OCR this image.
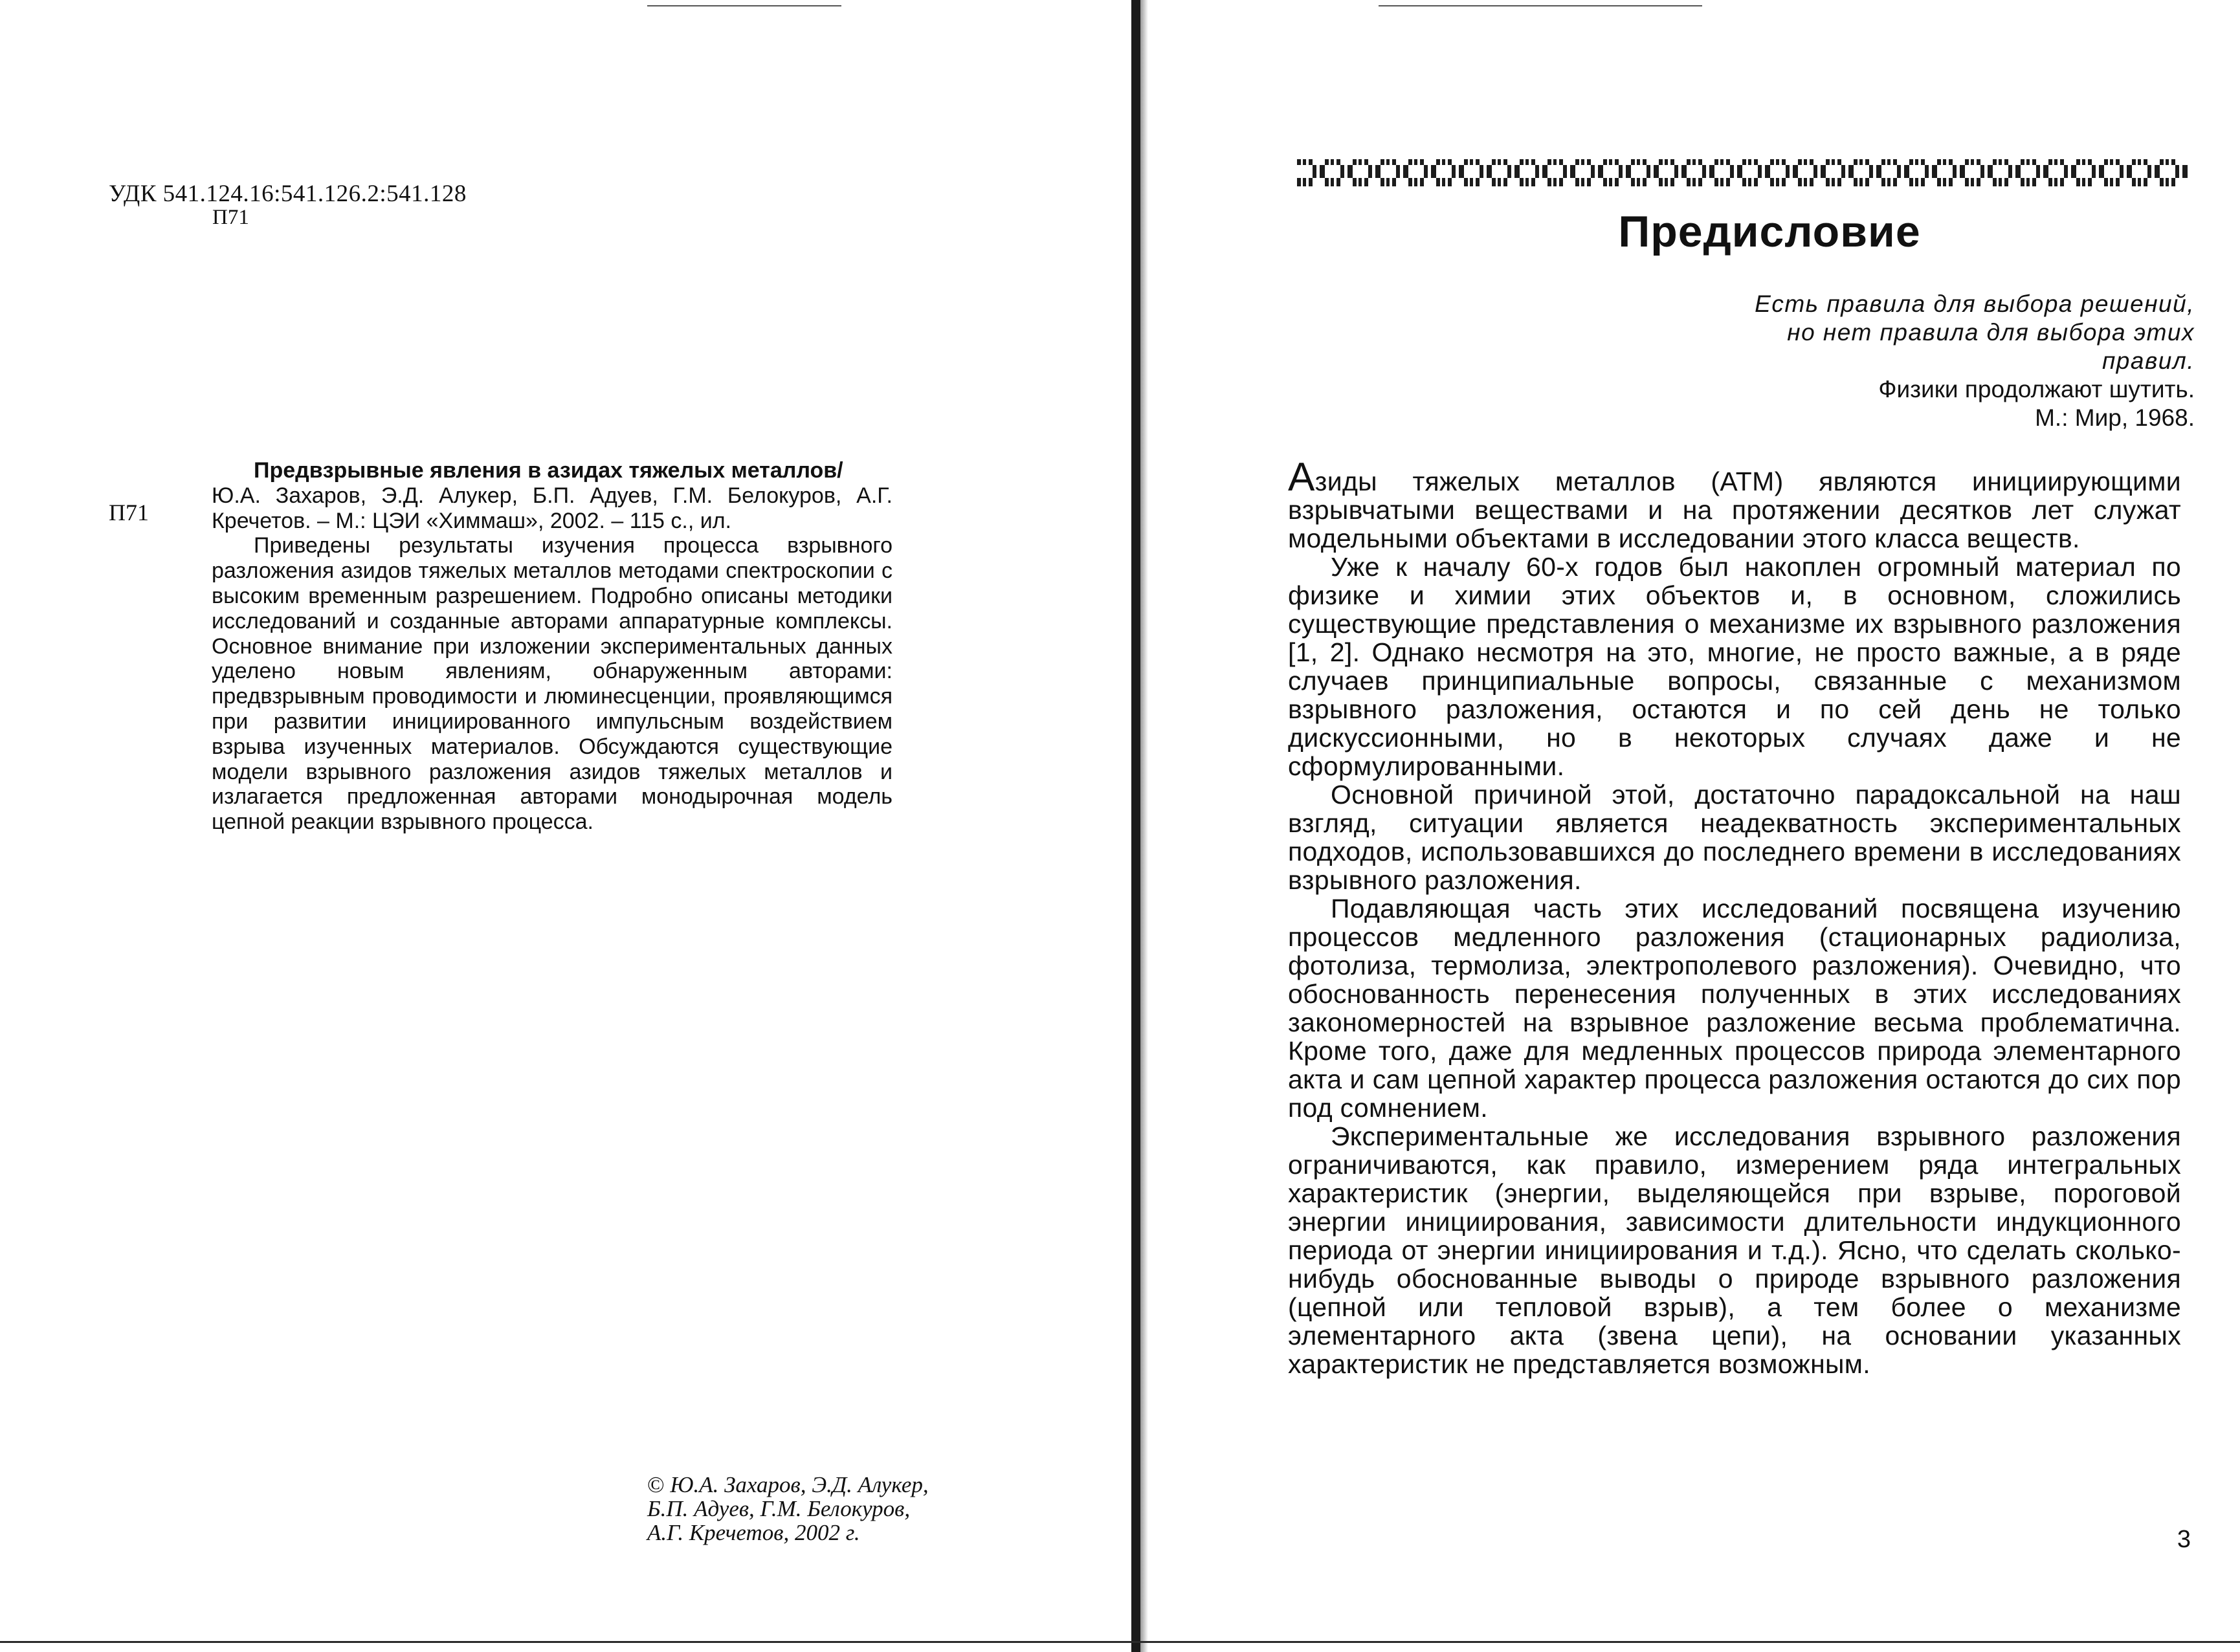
УДК 541.124.16:541.126.2:541.128
П71
П71
Предвзрывные явления в азидах тяжелых металлов/
Ю.А. Захаров, Э.Д. Алукер, Б.П. Адуев, Г.М. Белокуров, А.Г. Кречетов. – М.: ЦЭИ «Химмаш», 2002. – 115 с., ил.
Приведены результаты изучения процесса взрывного разложения азидов тяжелых металлов методами спектроскопии с высоким временным разрешением. Подробно описаны методики исследований и созданные авторами аппаратурные комплексы. Основное внимание при изложении экспериментальных данных уделено новым явлениям, обнаруженным авторами: предвзрывным проводимости и люминесценции, проявляющимся при развитии инициированного импульсным воздействием взрыва изученных материалов. Обсуждаются существующие модели взрывного разложения азидов тяжелых металлов и излагается предложенная авторами монодырочная модель цепной реакции взрывного процесса.
© Ю.А. Захаров, Э.Д. Алукер,
Б.П. Адуев, Г.М. Белокуров,
А.Г. Кречетов, 2002 г.
Предисловие
Есть правила для выбора решений, но нет правила для выбора этих правил.
Физики продолжают шутить.
М.: Мир, 1968.

Азиды тяжелых металлов (АТМ) являются инициирующими взрывчатыми веществами и на протяжении десятков лет служат модельными объектами в исследовании этого класса веществ.

Уже к началу 60-х годов был накоплен огромный материал по физике и химии этих объектов и, в основном, сложились существующие представления о механизме их взрывного разложения [1, 2]. Однако несмотря на это, многие, не просто важные, а в ряде случаев принципиальные вопросы, связанные с механизмом взрывного разложения, остаются и по сей день не только дискуссионными, но в некоторых случаях даже и не сформулированными.

Основной причиной этой, достаточно парадоксальной на наш взгляд, ситуации является неадекватность экспериментальных подходов, использовавшихся до последнего времени в исследованиях взрывного разложения.

Подавляющая часть этих исследований посвящена изучению процессов медленного разложения (стационарных радиолиза, фотолиза, термолиза, электрополевого разложения). Очевидно, что обоснованность перенесения полученных в этих исследованиях закономерностей на взрывное разложение весьма проблематична. Кроме того, даже для медленных процессов природа элементарного акта и сам цепной характер процесса разложения остаются до сих пор под сомнением.

Экспериментальные же исследования взрывного разложения ограничиваются, как правило, измерением ряда интегральных характеристик (энергии, выделяющейся при взрыве, пороговой энергии инициирования, зависимости длительности индукционного периода от энергии инициирования и т.д.). Ясно, что сделать сколько-нибудь обоснованные выводы о природе взрывного разложения (цепной или тепловой взрыв), а тем более о механизме элементарного акта (звена цепи), на основании указанных характеристик не представляется возможным.

3
